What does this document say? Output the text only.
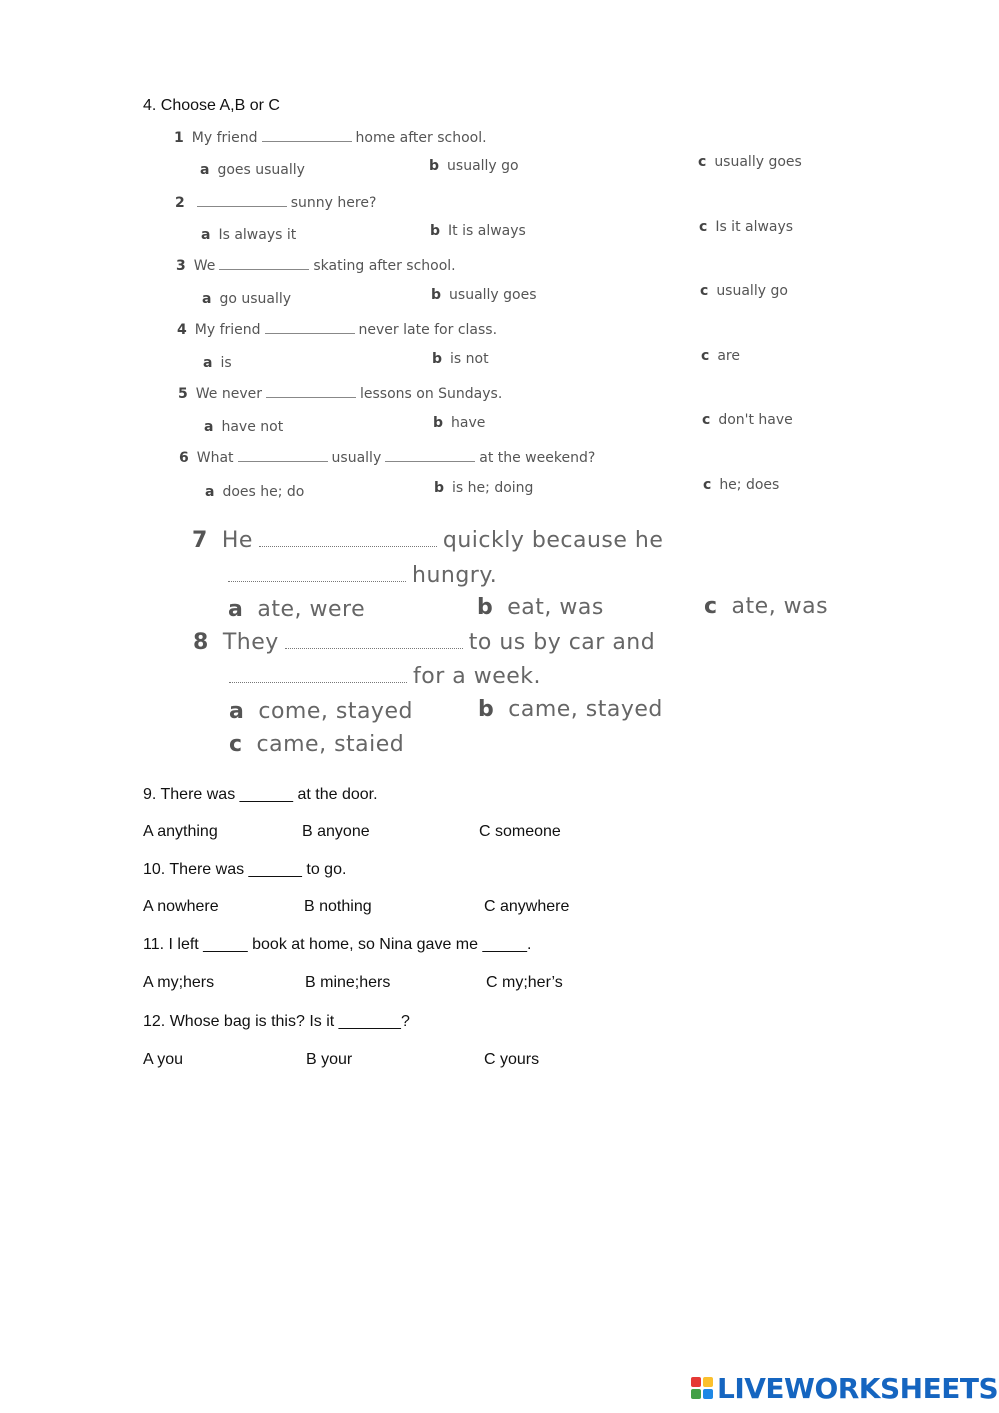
4. Choose A,B or C
1 My friend	home after school.
a goes usually	b usually go	c usually goes
2	sunny here?
a Is always it	b It is always	c Is it always
3 We	skating after school.
a go usually	b usually goes	c usually go
4 My friend	never late for class.
a is	b is not	c are
5 We never	lessons on Sundays.
a have not	b have	c don't have
6 What	usually	at the weekend?
a does he; do	b is he; doing	c he; does
7 He	quickly because he
hungry.
a ate, were	b eat, was	c ate, was
8 They	to us by car and
for a week.
a come, stayed	b came, stayed
c came, staied
9. There was ______ at the door.
A anything	B anyone	C someone
10. There was ______ to go.
A nowhere	B nothing	C anywhere
11. I left _____ book at home, so Nina gave me _____.
A my;hers	B mine;hers	C my;her’s
12. Whose bag is this? Is it _______?
A you	B your	C yours
LIVEWORKSHEETS
